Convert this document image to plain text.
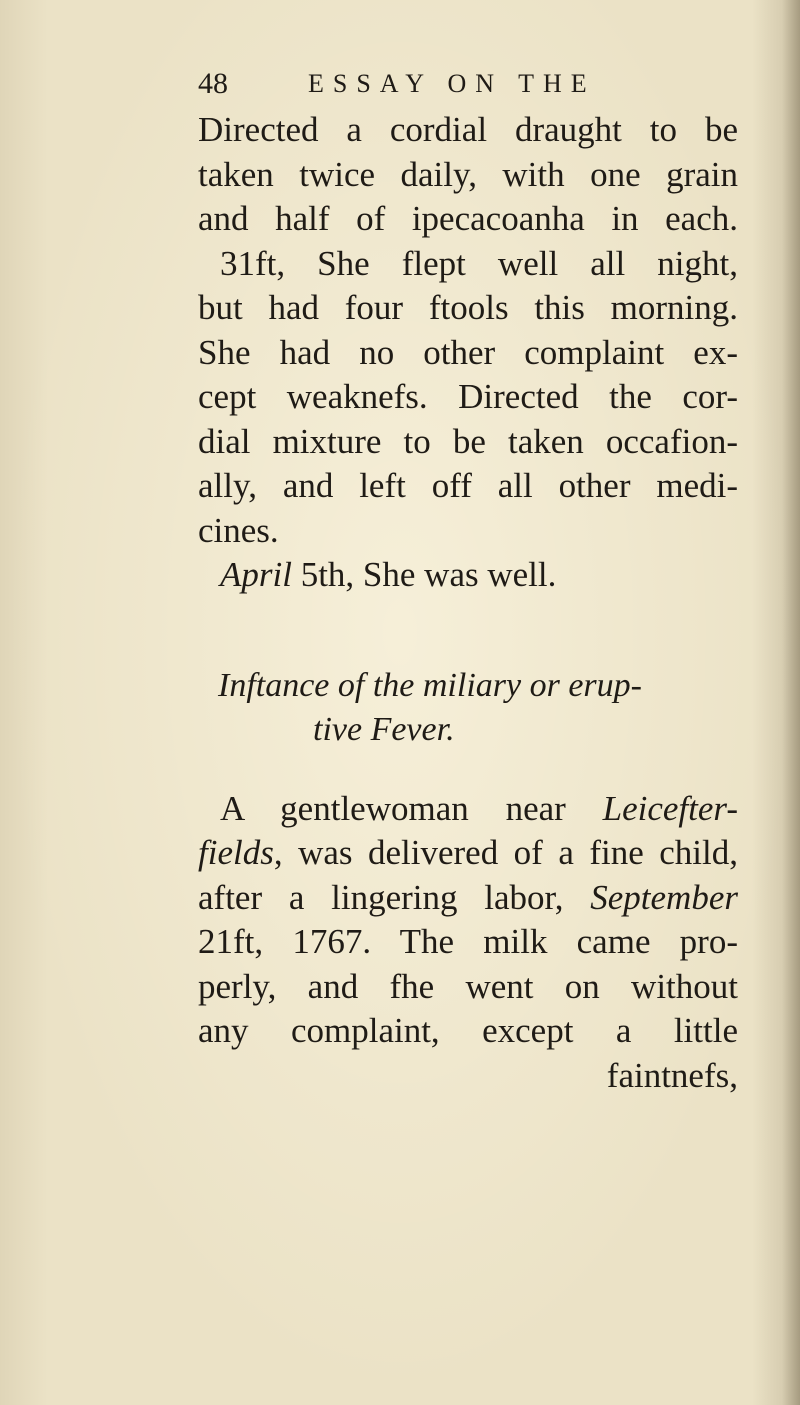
48	ESSAY ON THE
Directed a cordial draught to be
taken twice daily, with one grain
and half of ipecacoanha in each.
31ft, She flept well all night,
but had four ftools this morning.
She had no other complaint ex-
cept weaknefs. Directed the cor-
dial mixture to be taken occafion-
ally, and left off all other medi-
cines.
April 5th, She was well.
Inftance of the miliary or erup-
tive Fever.
A gentlewoman near Leicefter-
fields, was delivered of a fine child,
after a lingering labor, September
21ft, 1767. The milk came pro-
perly, and fhe went on without
any complaint, except a little
faintnefs,
